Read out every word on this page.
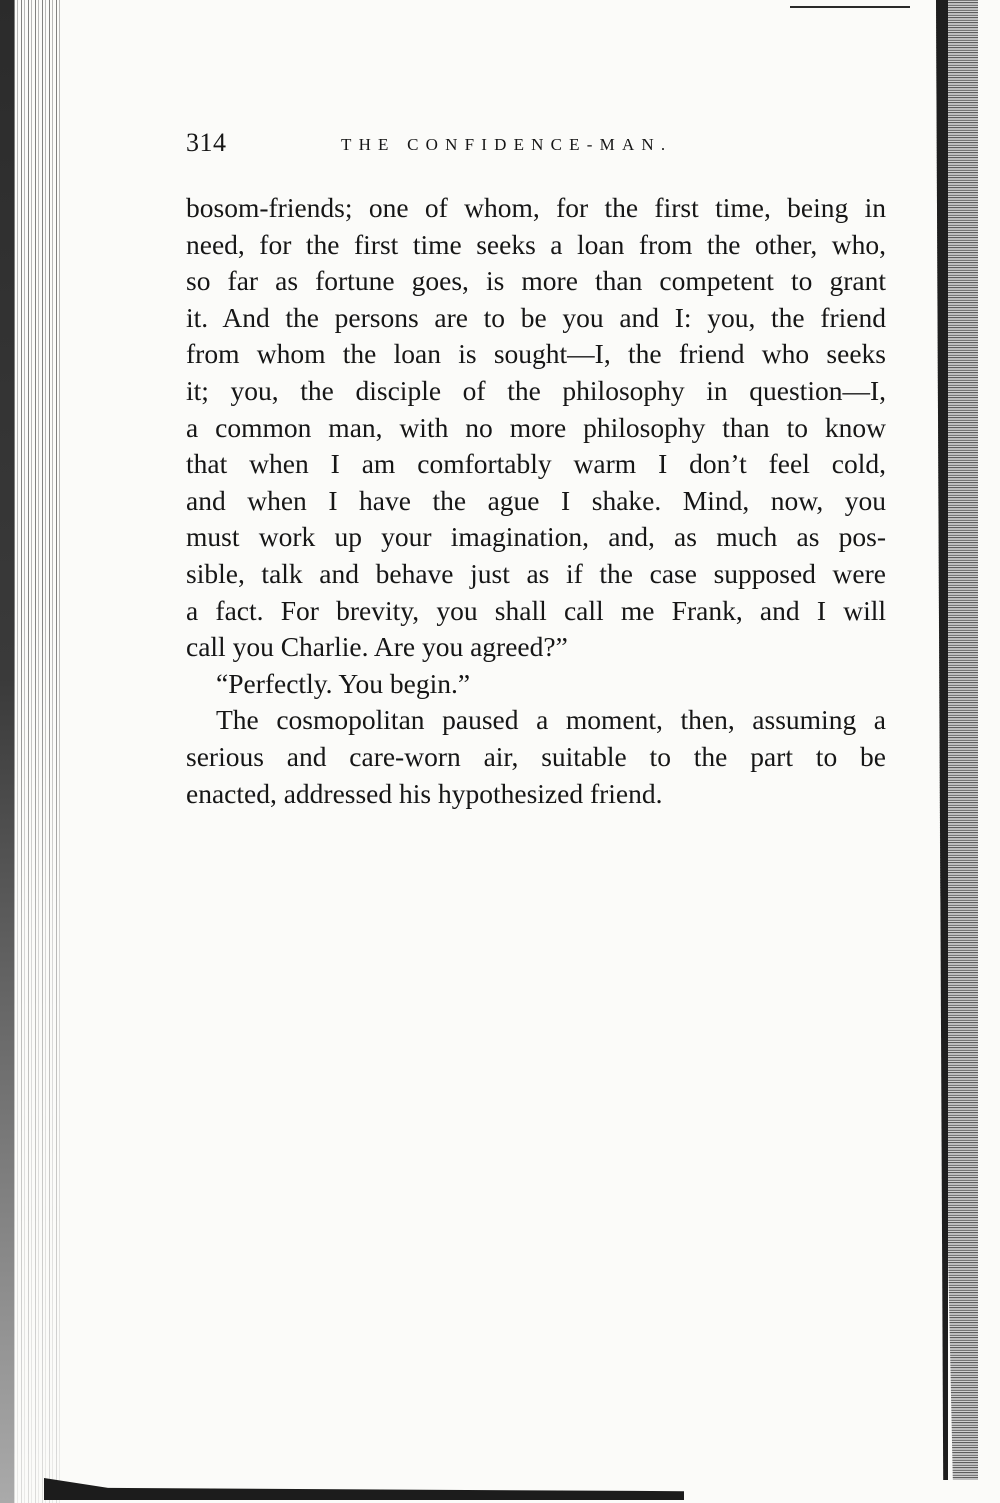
314	THE CONFIDENCE-MAN.
bosom-friends; one of whom, for the first time, being in
need, for the first time seeks a loan from the other, who,
so far as fortune goes, is more than competent to grant
it. And the persons are to be you and I: you, the friend
from whom the loan is sought—I, the friend who seeks
it; you, the disciple of the philosophy in question—I,
a common man, with no more philosophy than to know
that when I am comfortably warm I don’t feel cold,
and when I have the ague I shake. Mind, now, you
must work up your imagination, and, as much as pos-
sible, talk and behave just as if the case supposed were
a fact. For brevity, you shall call me Frank, and I will
call you Charlie. Are you agreed?”
“Perfectly. You begin.”
The cosmopolitan paused a moment, then, assuming a
serious and care-worn air, suitable to the part to be
enacted, addressed his hypothesized friend.
